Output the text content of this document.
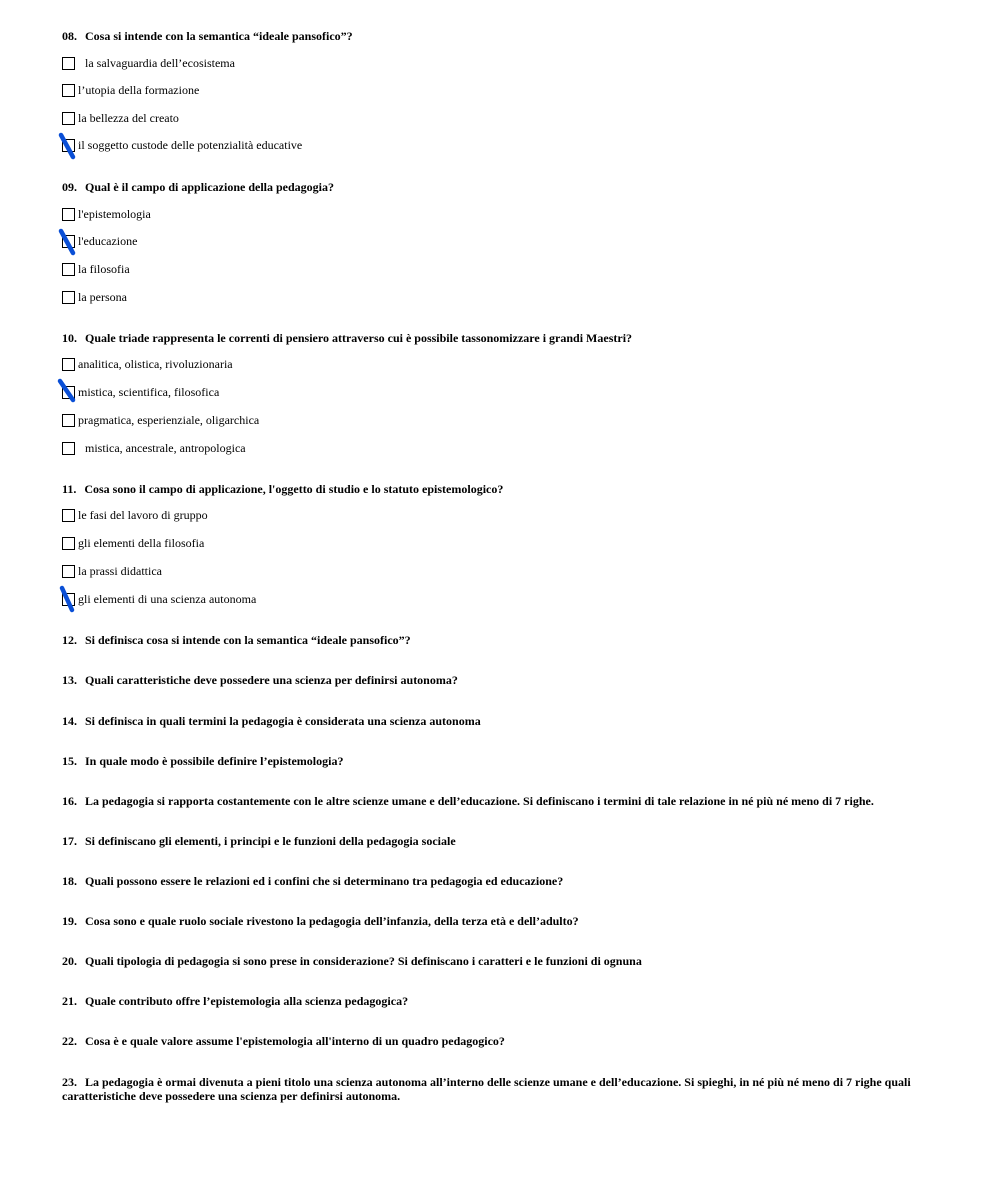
08. Cosa si intende con la semantica “ideale pansofico”?
la salvaguardia dell’ecosistema
l’utopia della formazione
la bellezza del creato
il soggetto custode delle potenzialità educative
09. Qual è il campo di applicazione della pedagogia?
l'epistemologia
l'educazione
la filosofia
la persona
10. Quale triade rappresenta le correnti di pensiero attraverso cui è possibile tassonomizzare i grandi Maestri?
analitica, olistica, rivoluzionaria
mistica, scientifica, filosofica
pragmatica, esperienziale, oligarchica
mistica, ancestrale, antropologica
11. Cosa sono il campo di applicazione, l'oggetto di studio e lo statuto epistemologico?
le fasi del lavoro di gruppo
gli elementi della filosofia
la prassi didattica
gli elementi di una scienza autonoma
12. Si definisca cosa si intende con la semantica “ideale pansofico”?
13. Quali caratteristiche deve possedere una scienza per definirsi autonoma?
14. Si definisca in quali termini la pedagogia è considerata una scienza autonoma
15. In quale modo è possibile definire l’epistemologia?
16. La pedagogia si rapporta costantemente con le altre scienze umane e dell’educazione. Si definiscano i termini di tale relazione in né più né meno di 7 righe.
17. Si definiscano gli elementi, i principi e le funzioni della pedagogia sociale
18. Quali possono essere le relazioni ed i confini che si determinano tra pedagogia ed educazione?
19. Cosa sono e quale ruolo sociale rivestono la pedagogia dell’infanzia, della terza età e dell’adulto?
20. Quali tipologia di pedagogia si sono prese in considerazione? Si definiscano i caratteri e le funzioni di ognuna
21. Quale contributo offre l’epistemologia alla scienza pedagogica?
22. Cosa è e quale valore assume l'epistemologia all'interno di un quadro pedagogico?
23. La pedagogia è ormai divenuta a pieni titolo una scienza autonoma all’interno delle scienze umane e dell’educazione. Si spieghi, in né più né meno di 7 righe quali caratteristiche deve possedere una scienza per definirsi autonoma.
